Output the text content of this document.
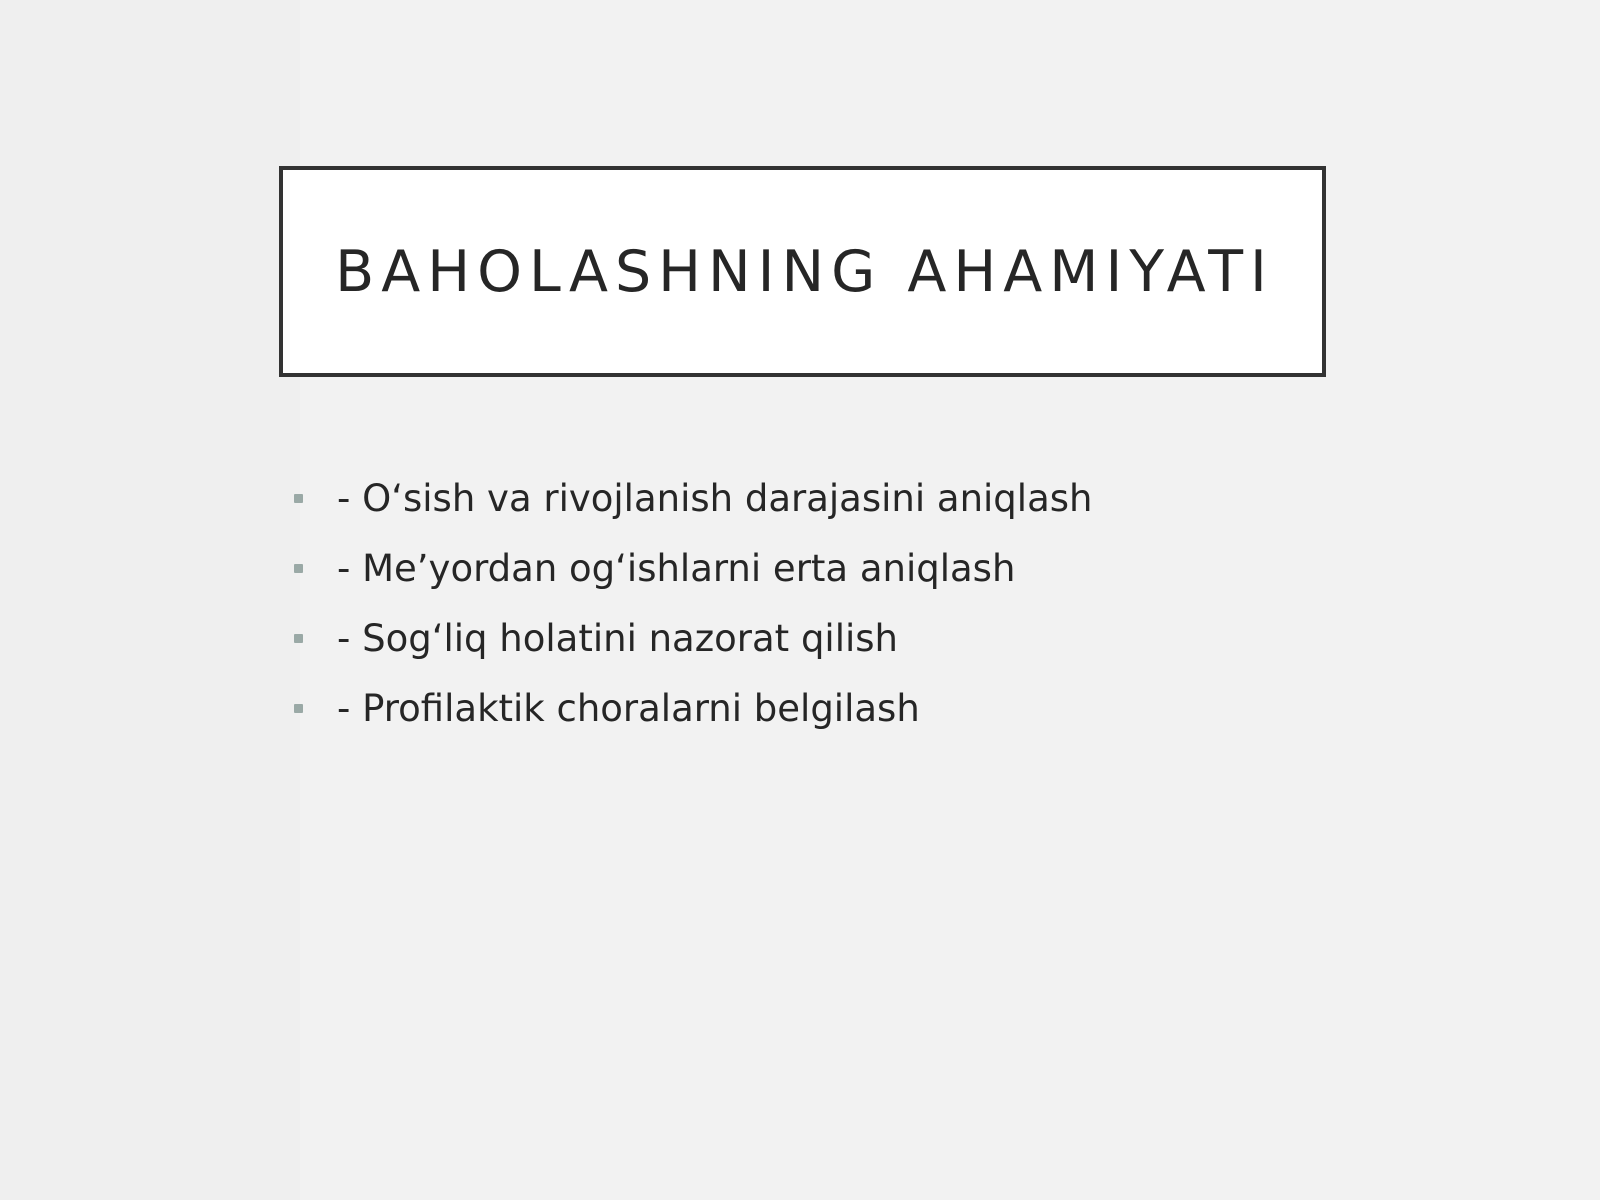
BAHOLASHNING AHAMIYATI
- O‘sish va rivojlanish darajasini aniqlash
- Me’yordan og‘ishlarni erta aniqlash
- Sog‘liq holatini nazorat qilish
- Profilaktik choralarni belgilash
